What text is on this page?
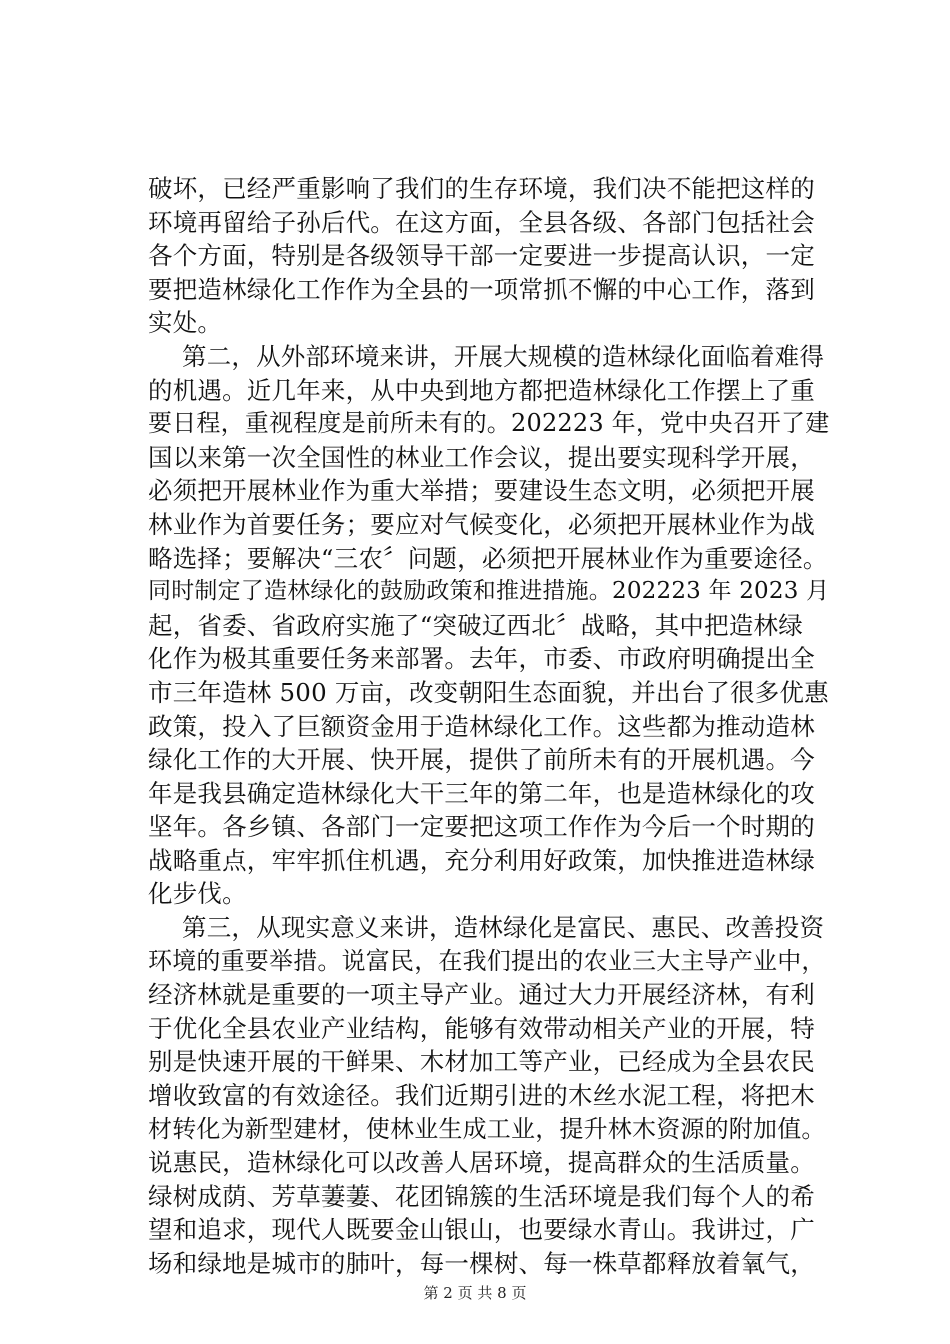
破坏，已经严重影响了我们的生存环境，我们决不能把这样的
环境再留给子孙后代。在这方面，全县各级、各部门包括社会
各个方面，特别是各级领导干部一定要进一步提高认识，一定
要把造林绿化工作作为全县的一项常抓不懈的中心工作，落到
实处。
第二，从外部环境来讲，开展大规模的造林绿化面临着难得
的机遇。近几年来，从中央到地方都把造林绿化工作摆上了重
要日程，重视程度是前所未有的。202223 年，党中央召开了建
国以来第一次全国性的林业工作会议，提出要实现科学开展，
必须把开展林业作为重大举措；要建设生态文明，必须把开展
林业作为首要任务；要应对气候变化，必须把开展林业作为战
略选择；要解决“三农〞问题，必须把开展林业作为重要途径。
同时制定了造林绿化的鼓励政策和推进措施。202223 年 2023 月
起，省委、省政府实施了“突破辽西北〞战略，其中把造林绿
化作为极其重要任务来部署。去年，市委、市政府明确提出全
市三年造林 500 万亩，改变朝阳生态面貌，并出台了很多优惠
政策，投入了巨额资金用于造林绿化工作。这些都为推动造林
绿化工作的大开展、快开展，提供了前所未有的开展机遇。今
年是我县确定造林绿化大干三年的第二年，也是造林绿化的攻
坚年。各乡镇、各部门一定要把这项工作作为今后一个时期的
战略重点，牢牢抓住机遇，充分利用好政策，加快推进造林绿
化步伐。
第三，从现实意义来讲，造林绿化是富民、惠民、改善投资
环境的重要举措。说富民，在我们提出的农业三大主导产业中，
经济林就是重要的一项主导产业。通过大力开展经济林，有利
于优化全县农业产业结构，能够有效带动相关产业的开展，特
别是快速开展的干鲜果、木材加工等产业，已经成为全县农民
增收致富的有效途径。我们近期引进的木丝水泥工程，将把木
材转化为新型建材，使林业生成工业，提升林木资源的附加值。
说惠民，造林绿化可以改善人居环境，提高群众的生活质量。
绿树成荫、芳草萋萋、花团锦簇的生活环境是我们每个人的希
望和追求，现代人既要金山银山，也要绿水青山。我讲过，广
场和绿地是城市的肺叶，每一棵树、每一株草都释放着氧气，
第 2 页 共 8 页
